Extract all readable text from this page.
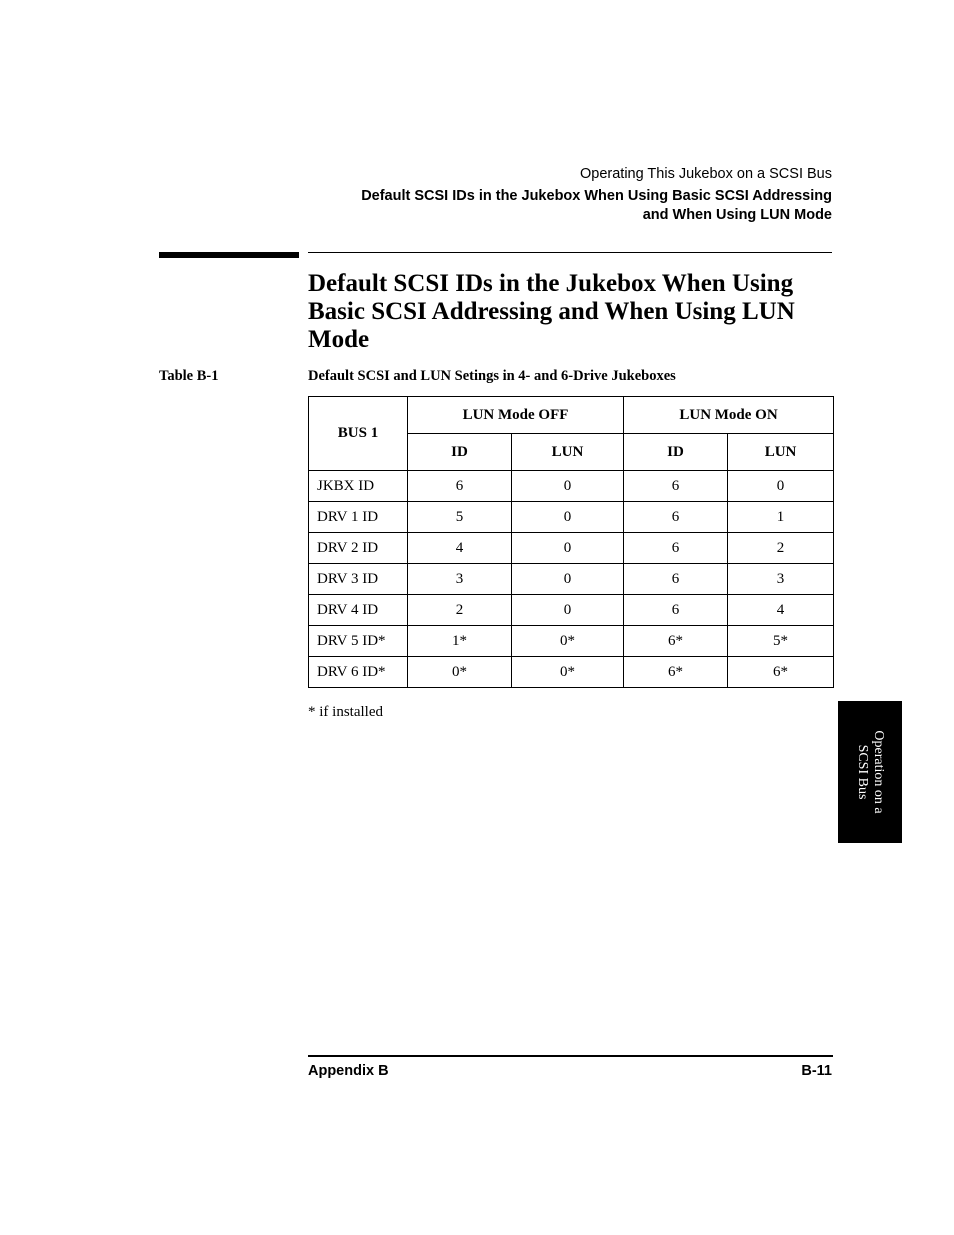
Operating This Jukebox on a SCSI Bus
Default SCSI IDs in the Jukebox When Using Basic SCSI Addressing
and When Using LUN Mode
Default SCSI IDs in the Jukebox When Using
Basic SCSI Addressing and When Using LUN
Mode
Table B-1	Default SCSI and LUN Setings in 4- and 6-Drive Jukeboxes
BUS 1	LUN Mode OFF		LUN Mode ON	
	ID	LUN	ID	LUN
JKBX ID	6	0	6	0
DRV 1 ID	5	0	6	1
DRV 2 ID	4	0	6	2
DRV 3 ID	3	0	6	3
DRV 4 ID	2	0	6	4
DRV 5 ID*	1*	0*	6*	5*
DRV 6 ID*	0*	0*	6*	6*
* if installed
Operation on a
SCSI Bus
Appendix B	B-11
